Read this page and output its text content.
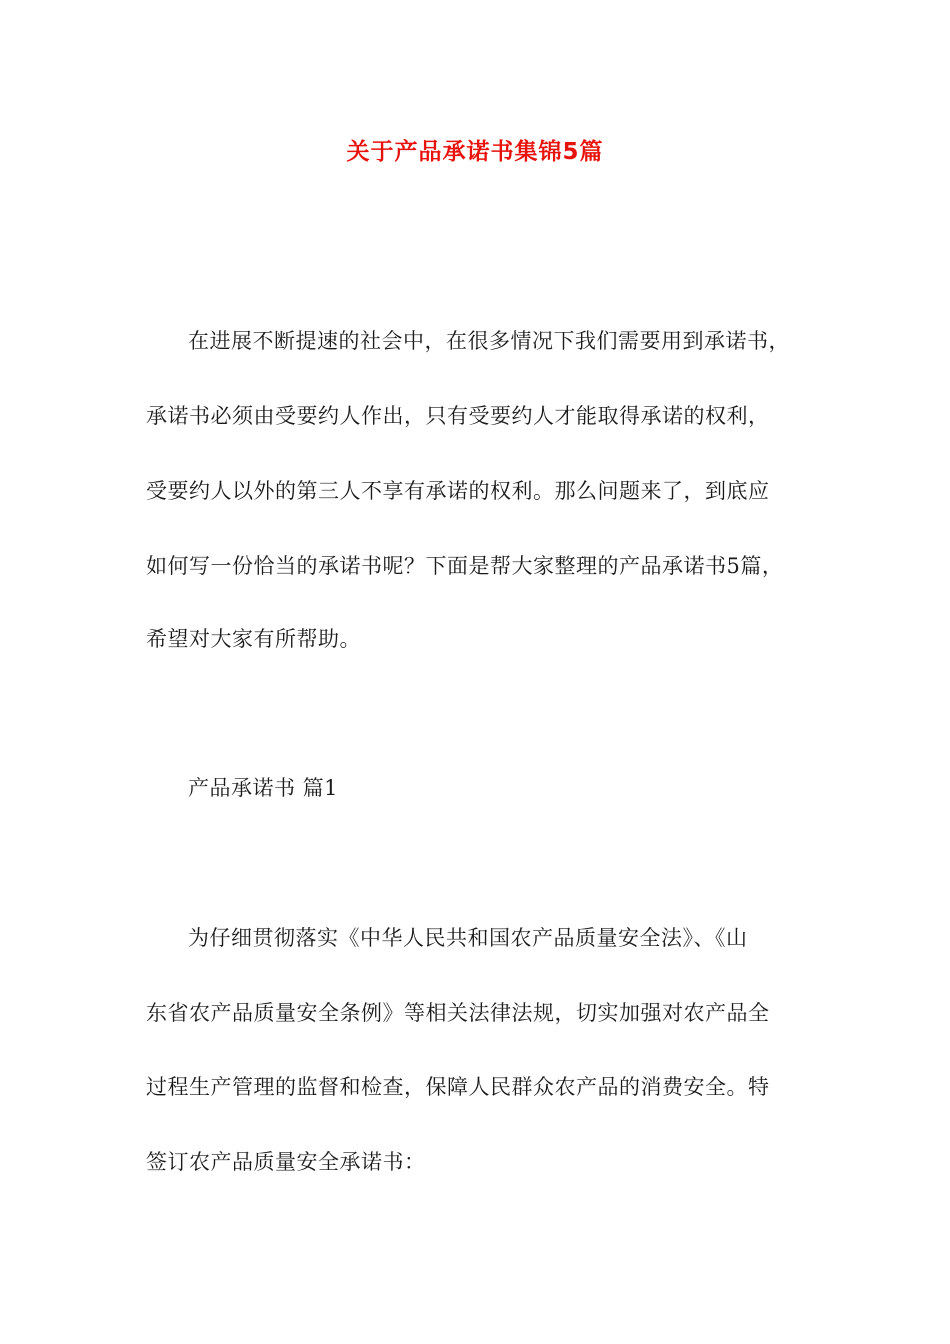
关于产品承诺书集锦5篇
在进展不断提速的社会中，在很多情况下我们需要用到承诺书，
承诺书必须由受要约人作出，只有受要约人才能取得承诺的权利，
受要约人以外的第三人不享有承诺的权利。那么问题来了，到底应
如何写一份恰当的承诺书呢？下面是帮大家整理的产品承诺书5篇，
希望对大家有所帮助。
产品承诺书 篇1
为仔细贯彻落实《中华人民共和国农产品质量安全法》、《山
东省农产品质量安全条例》等相关法律法规，切实加强对农产品全
过程生产管理的监督和检查，保障人民群众农产品的消费安全。特
签订农产品质量安全承诺书：
